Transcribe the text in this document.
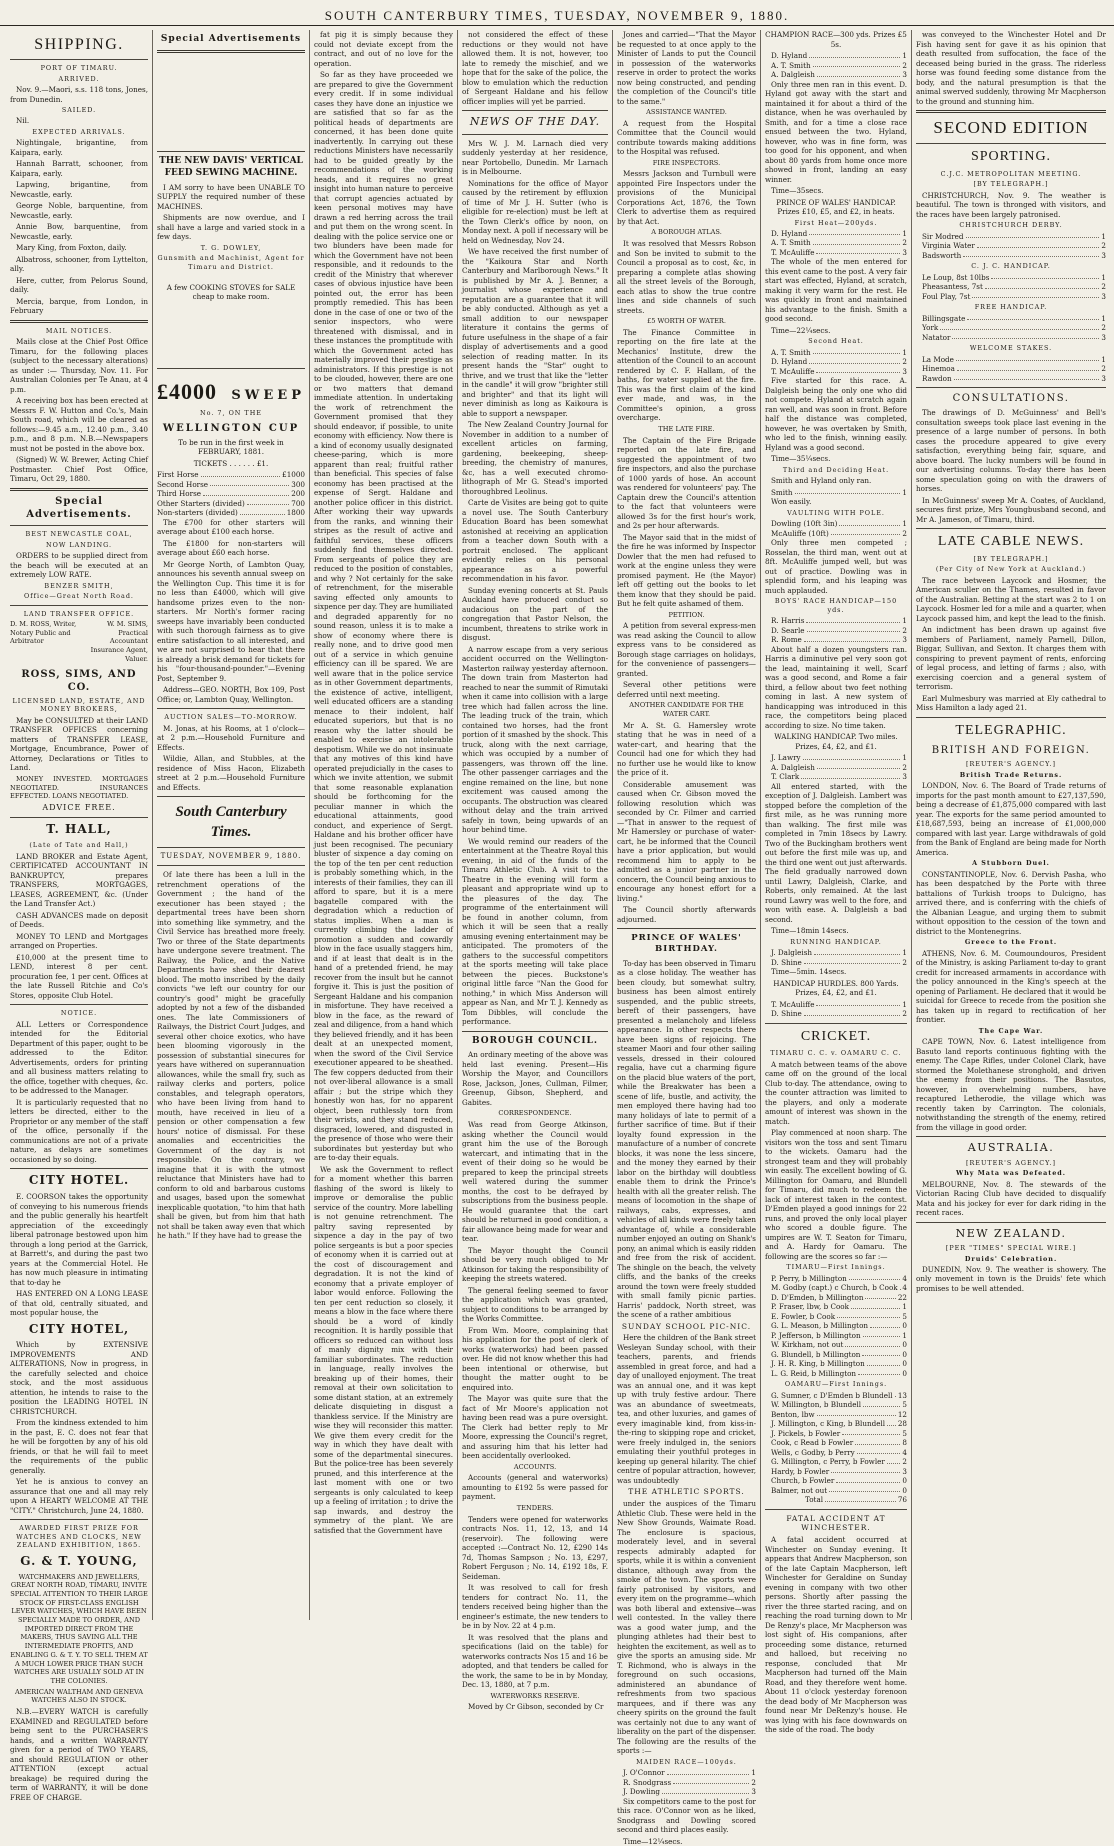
SOUTH CANTERBURY TIMES, TUESDAY, NOVEMBER 9, 1880.
SHIPPING.
PORT OF TIMARU.
ARRIVED.

Nov. 9.—Maori, s.s. 118 tons, Jones, from Dunedin.

SAILED.

Nil.

EXPECTED ARRIVALS.

Nightingale, brigantine, from Kaipara, early.

Hannah Barratt, schooner, from Kaipara, early.

Lapwing, brigantine, from Newcastle, early.

George Noble, barquentine, from Newcastle, early.

Annie Bow, barquentine, from Newcastle, early.

Mary King, from Foxton, daily.

Albatross, schooner, from Lyttelton, ally.

Here, cutter, from Pelorus Sound, daily.

Mercia, barque, from London, in February

MAIL NOTICES.

Mails close at the Chief Post Office Timaru, for the following places (subject to the necessary alterations) as under :— Thursday, Nov. 11. For Australian Colonies per Te Anau, at 4 p.m.

A receiving box has been erected at Messrs F. W. Hutton and Co.'s, Main South road, which will be cleared as follows:—9.45 a.m., 12.40 p.m., 3.40 p.m., and 8 p.m. N.B.—Newspapers must not be posted in the above box.

(Signed) W. W. Brewer, Acting Chief Postmaster. Chief Post Office, Timaru, Oct 29, 1880.

Special Advertisements.
BEST NEWCASTLE COAL,
NOW LANDING.

ORDERS to be supplied direct from the beach will be executed at an extremely LOW RATE.

BENZER SMITH,
Office—Great North Road.
LAND TRANSFER OFFICE.
D. M. ROSS, Writer, Notary Public and Arbitrator
W. M. SIMS, Practical Accountant Insurance Agent, Valuer.
ROSS, SIMS, AND CO.
LICENSED LAND, ESTATE, AND MONEY BROKERS,

May be CONSULTED at their LAND TRANSFER OFFICES concerning matters of TRANSFER LEASE, Mortgage, Encumbrance, Power of Attorney, Declarations or Titles to Land.

MONEY INVESTED. MORTGAGES NEGOTIATED. INSURANCES EFFECTED. LOANS NEGOTIATED.

ADVICE FREE.
T. HALL,
(Late of Tate and Hall,)

LAND BROKER and Estate Agent, CERTIFICATED ACCOUNTANT IN BANKRUPTCY, prepares TRANSFERS, MORTGAGES, LEASES, AGREEMENT, &c. (Under the Land Transfer Act.)

CASH ADVANCES made on deposit of Deeds.

MONEY TO LEND and Mortgages arranged on Properties.

£10,000 at the present time to LEND, interest 8 per cent. procuration fee, 1 per cent. Offices at the late Russell Ritchie and Co's Stores, opposite Club Hotel.

NOTICE.

ALL Letters or Correspondence intended for the Editorial Department of this paper, ought to be addressed to the Editor. Advertisements, orders for printing and all business matters relating to the office, together with cheques, &c. to be addressed to the Manager.

It is particularly requested that no letters be directed, either to the Proprietor or any member of the staff of the office, personally if the communications are not of a private nature, as delays are sometimes occasioned by so doing.

CITY HOTEL.

E. COORSON takes the opportunity of conveying to his numerous friends and the public generally his heartfelt appreciation of the exceedingly liberal patronage bestowed upon him through a long period at the Garrick, at Barrett's, and during the past two years at the Commercial Hotel. He has now much pleasure in intimating that to-day he

HAS ENTERED ON A LONG LEASE of that old, centrally situated, and most popular house, the

CITY HOTEL,

Which by EXTENSIVE IMPROVEMENTS AND ALTERATIONS, Now in progress, in the carefully selected and choice stock, and the most assiduous attention, he intends to raise to the position the LEADING HOTEL IN CHRISTCHURCH.

From the kindness extended to him in the past, E. C. does not fear that he will be forgotten by any of his old friends, or that he will fail to meet the requirements of the public generally.

Yet he is anxious to convey an assurance that one and all may rely upon A HEARTY WELCOME AT THE "CITY." Christchurch, June 24, 1880.

AWARDED FIRST PRIZE FOR WATCHES AND CLOCKS, NEW ZEALAND EXHIBITION, 1865.
G. & T. YOUNG,

WATCHMAKERS AND JEWELLERS, GREAT NORTH ROAD, TIMARU, INVITE SPECIAL ATTENTION TO THEIR LARGE STOCK OF FIRST-CLASS ENGLISH LEVER WATCHES, WHICH HAVE BEEN SPECIALLY MADE TO ORDER, AND IMPORTED DIRECT FROM THE MAKERS, THUS SAVING ALL THE INTERMEDIATE PROFITS, AND ENABLING G. & T. Y. TO SELL THEM AT A MUCH LOWER PRICE THAN SUCH WATCHES ARE USUALLY SOLD AT IN THE COLONIES.

AMERICAN WALTHAM AND GENEVA WATCHES ALSO IN STOCK.

N.B.—EVERY WATCH is carefully EXAMINED and REGULATED before being sent to the PURCHASER'S hands, and a written WARRANTY given for a period of TWO YEARS, and should REGULATION or other ATTENTION (except actual breakage) be required during the term of WARRANTY, it will be done FREE OF CHARGE.

Special Advertisements
THE NEW DAVIS' VERTICAL FEED SEWING MACHINE.

I AM sorry to have been UNABLE TO SUPPLY the required number of these MACHINES.

Shipments are now overdue, and I shall have a large and varied stock in a few days.

T. G. DOWLEY,
Gunsmith and Machinist, Agent for Timaru and District.

A few COOKING STOVES for SALE cheap to make room.

£4000 SWEEP
No. 7, ON THE
WELLINGTON CUP

To be run in the first week in FEBRUARY, 1881.

TICKETS . . . . . . £1.

First Horse	£1000
Second Horse	300
Third Horse	200
Other Starters (divided)	700
Non-starters (divided)	1800

The £700 for other starters will average about £100 each horse.

The £1800 for non-starters will average about £60 each horse.

Mr George North, of Lambton Quay, announces his seventh annual sweep on the Wellington Cup. This time it is for no less than £4000, which will give handsome prizes even to the non-starters. Mr North's former racing sweeps have invariably been conducted with such thorough fairness as to give entire satisfaction to all interested, and we are not surprised to hear that there is already a brisk demand for tickets for his "four-thousand-pounder."—Evening Post, September 9.

Address—GEO. NORTH, Box 109, Post Office; or, Lambton Quay, Wellington.

AUCTION SALES—TO-MORROW.

M. Jonas, at his Rooms, at 1 o'clock—at 2 p.m.—Household Furniture and Effects.

Wildie, Allan, and Stubbles, at the residence of Miss Hacon, Elizabeth street at 2 p.m.—Household Furniture and Effects.

South Canterbury Times.
TUESDAY, NOVEMBER 9, 1880.

Of late there has been a lull in the retrenchment operations of the Government ; the hand of the executioner has been stayed ; the departmental trees have been shorn into something like symmetry, and the Civil Service has breathed more freely. Two or three of the State departments have undergone severe treatment. The Railway, the Police, and the Native Departments have shed their dearest blood. The motto inscribed by the daily convicts "we left our country for our country's good" might be gracefully adopted by not a few of the disbanded ones. The late Commissioners of Railways, the District Court Judges, and several other choice exotics, who have been blooming vigorously in the possession of substantial sinecures for years have withered on superannuation allowances, while the small fry, such as railway clerks and porters, police constables, and telegraph operators, who have been living from hand to mouth, have received in lieu of a pension or other compensation a few hours' notice of dismissal. For these anomalies and eccentricities the Government of the day is not responsible. On the contrary, we imagine that it is with the utmost reluctance that Ministers have had to conform to old and barbarous customs and usages, based upon the somewhat inexplicable quotation, "to him that hath shall be given, but from him that hath not shall be taken away even that which he hath." If they have had to grease the

fat pig it is simply because they could not deviate except from the contract, and out of no love for the operation.

So far as they have proceeded we are prepared to give the Government every credit. If in some individual cases they have done an injustice we are satisfied that so far as the political heads of departments are concerned, it has been done quite inadvertently. In carrying out these reductions Ministers have necessarily had to be guided greatly by the recommendations of the working heads, and it requires no great insight into human nature to perceive that corrupt agencies actuated by keen personal motives may have drawn a red herring across the trail and put them on the wrong scent. In dealing with the police service one or two blunders have been made for which the Government have not been responsible, and it redounds to the credit of the Ministry that wherever cases of obvious injustice have been pointed out, the error has been promptly remedied. This has been done in the case of one or two of the senior inspectors, who were threatened with dismissal, and in these instances the promptitude with which the Government acted has materially improved their prestige as administrators. If this prestige is not to be clouded, however, there are one or two matters that demand immediate attention. In undertaking the work of retrenchment the Government promised that they should endeavor, if possible, to unite economy with efficiency. Now there is a kind of economy usually designated cheese-paring, which is more apparent than real; fruitful rather than beneficial. This species of false economy has been practised at the expense of Sergt. Haldane and another police officer in this district. After working their way upwards from the ranks, and winning their stripes as the result of active and faithful services, these officers suddenly find themselves directed. From sergeants of police they are reduced to the position of constables, and why ? Not certainly for the sake of retrenchment, for the miserable saving effected only amounts to sixpence per day. They are humiliated and degraded apparently for no sound reason, unless it is to make a show of economy where there is really none, and to drive good men out of a service in which genuine efficiency can ill be spared. We are well aware that in the police service as in other Government departments, the existence of active, intelligent, well educated officers are a standing menace to their indolent, half educated superiors, but that is no reason why the latter should be enabled to exercise an intolerable despotism. While we do not insinuate that any motives of this kind have operated prejudicially in the cases to which we invite attention, we submit that some reasonable explanation should be forthcoming for the peculiar manner in which the educational attainments, good conduct, and experience of Sergt. Haldane and his brother officer have just been recognised. The pecuniary bluster of sixpence a day coming on the top of the ten per cent reduction is probably something which, in the interests of their families, they can ill afford to spare, but it is a mere bagatelle compared with the degradation which a reduction of status implies. When a man is currently climbing the ladder of promotion a sudden and cowardly blow in the face usually staggers him, and if at least that dealt is in the hand of a pretended friend, he may recover from the insult but he cannot forgive it. This is just the position of Sergeant Haldane and his companion in misfortune. They have received a blow in the face, as the reward of zeal and diligence, from a hand which they believed friendly, and it has been dealt at an unexpected moment, when the sword of the Civil Service executioner appeared to be sheathed. The few coppers deducted from their not over-liberal allowance is a small affair ; but the stripe which they honestly won has, for no apparent object, been ruthlessly torn from their wrists, and they stand reduced, disgraced, lowered, and disgusted in the presence of those who were their subordinates but yesterday but who are to-day their equals.

We ask the Government to reflect for a moment whether this barren flashing of the sword is likely to improve or demoralise the public service of the country. More labelling is not genuine retrenchment. The paltry saving represented by sixpence a day in the pay of two police sergeants is but a poor species of economy when it is carried out at the cost of discouragement and degradation. It is not the kind of economy that a private employer of labor would enforce. Following the ten per cent reduction so closely, it means a blow in the face where there should be a word of kindly recognition. It is hardly possible that officers so reduced can without loss of manly dignity mix with their familiar subordinates. The reduction in language, really involves the breaking up of their homes, their removal at their own solicitation to some distant station, at an extremely delicate disquieting in disgust a thankless service. If the Ministry are wise they will reconsider this matter. We give them every credit for the way in which they have dealt with some of the departmental sinecures. But the police-tree has been severely pruned, and this interference at the last moment with one or two sergeants is only calculated to keep up a feeling of irritation ; to drive the sap inwards, and destroy the symmetry of the plant. We are satisfied that the Government have

not considered the effect of these reductions or they would not have allowed them. It is not, however, too late to remedy the mischief, and we hope that for the sake of the police, the blow to emulation which the reduction of Sergeant Haldane and his fellow officer implies will yet be parried.

NEWS OF THE DAY.

Mrs W. J. M. Larnach died very suddenly yesterday at her residence, near Portobello, Dunedin. Mr Larnach is in Melbourne.

Nominations for the office of Mayor caused by the retirement by effluxion of time of Mr J. H. Sutter (who is eligible for re-election) must be left at the Town Clerk's office by noon, on Monday next. A poll if necessary will be held on Wednesday, Nov 24.

We have received the first number of the "Kaikoura Star and North Canterbury and Marlborough News." It is published by Mr A. J. Benner, a journalist whose experience and reputation are a guarantee that it will be ably conducted. Although as yet a small addition to our newspaper literature it contains the germs of future usefulness in the shape of a fair display of advertisements and a good selection of reading matter. In its present hands the "Star" ought to thrive, and we trust that like the "letter in the candle" it will grow "brighter still and brighter" and that its light will never diminish as long as Kaikoura is able to support a newspaper.

The New Zealand Country Journal for November in addition to a number of excellent articles on farming, gardening, beekeeping, sheep-breeding, the chemistry of manures, &c, has a well executed chromo-lithograph of Mr G. Stead's imported thoroughbred Leolinus.

Carte de Visites are being got to quite a novel use. The South Canterbury Education Board has been somewhat astonished at receiving an application from a teacher down South with a portrait enclosed. The applicant evidently relies on his personal appearance as a powerful recommendation in his favor.

Sunday evening concerts at St. Pauls Auckland have produced conduct so audacious on the part of the congregation that Pastor Nelson, the incumbent, threatens to strike work in disgust.

A narrow escape from a very serious accident occurred on the Wellington-Masterton railway yesterday afternoon. The down train from Masterton had reached to near the summit of Rimutaki when it came into collision with a large tree which had fallen across the line. The leading truck of the train, which contained two horses, had the front portion of it smashed by the shock. This truck, along with the next carriage, which was occupied by a number of passengers, was thrown off the line. The other passenger carriages and the engine remained on the line, but none excitement was caused among the occupants. The obstruction was cleared without delay and the train arrived safely in town, being upwards of an hour behind time.

We would remind our readers of the entertainment at the Theatre Royal this evening, in aid of the funds of the Timaru Athletic Club. A visit to the Theatre in the evening will form a pleasant and appropriate wind up to the pleasures of the day. The programme of the entertainment will be found in another column, from which it will be seen that a really amusing evening entertainment may be anticipated. The promoters of the gathers to the successful competitors at the sports meeting will take place between the pieces. Buckstone's original little farce "Nan the Good for nothing," in which Miss Anderson will appear as Nan, and Mr T. J. Kennedy as Tom Dibbles, will conclude the performance.

BOROUGH COUNCIL.

An ordinary meeting of the above was held last evening. Present—His Worship the Mayor, and Councillors Rose, Jackson, Jones, Cullman, Filmer, Greenup, Gibson, Shepherd, and Gabites.

CORRESPONDENCE.

Was read from George Atkinson, asking whether the Council would grant him the use of the Borough watercart, and intimating that in the event of their doing so he would be prepared to keep the principal streets well watered during the summer months, the cost to be defrayed by subscriptions from the business people. He would guarantee that the cart should be returned in good condition, a fair allowance being made for wear and tear.

The Mayor thought the Council should be very much obliged to Mr Atkinson for taking the responsibility of keeping the streets watered.

The general feeling seemed to favor the application which was granted, subject to conditions to be arranged by the Works Committee.

From Wm. Moore, complaining that his application for the post of clerk of works (waterworks) had been passed over. He did not know whether this had been intentional or otherwise, but thought the matter ought to be enquired into.

The Mayor was quite sure that the fact of Mr Moore's application not having been read was a pure oversight. The Clerk had better reply to Mr Moore, expressing the Council's regret, and assuring him that his letter had been accidentally overlooked.

ACCOUNTS.

Accounts (general and waterworks) amounting to £192 5s were passed for payment.

TENDERS.

Tenders were opened for waterworks contracts Nos. 11, 12, 13, and 14 (reservoir). The following were accepted :—Contract No. 12, £290 14s 7d, Thomas Sampson ; No. 13, £297, Robert Ferguson ; No. 14, £192 18s, F. Seideman.

It was resolved to call for fresh tenders for contract No. 11, the tenders received being higher than the engineer's estimate, the new tenders to be in by Nov. 22 at 4 p.m.

It was resolved that the plans and specifications (laid on the table) for waterworks contracts Nos 15 and 16 be adopted, and that tenders be called for the work, the same to be in by Monday, Dec. 13, 1880, at 7 p.m.

WATERWORKS RESERVE.

Moved by Cr Gibson, seconded by Cr

Jones and carried—"That the Mayor be requested to at once apply to the Minister of Lands to put the Council in possession of the waterworks reserve in order to protect the works now being constructed, and pending the completion of the Council's title to the same."

ASSISTANCE WANTED.

A request from the Hospital Committee that the Council would contribute towards making additions to the Hospital was refused.

FIRE INSPECTORS.

Messrs Jackson and Turnbull were appointed Fire Inspectors under the provisions of the Municipal Corporations Act, 1876, the Town Clerk to advertise them as required by that Act.

A BOROUGH ATLAS.

It was resolved that Messrs Robson and Son be invited to submit to the Council a proposal as to cost, &c, in preparing a complete atlas showing all the street levels of the Borough, each atlas to show the true contre lines and side channels of such streets.

£5 WORTH OF WATER.

The Finance Committee in reporting on the fire late at the Mechanics' Institute, drew the attention of the Council to an account rendered by C. F. Hallam, of the baths, for water supplied at the fire. This was the first claim of the kind ever made, and was, in the Committee's opinion, a gross overcharge.

THE LATE FIRE.

The Captain of the Fire Brigade reported on the late fire, and suggested the appointment of two fire inspectors, and also the purchase of 1000 yards of hose. An account was rendered for volunteers' pay. The Captain drew the Council's attention to the fact that volunteers were allowed 3s for the first hour's work, and 2s per hour afterwards.

The Mayor said that in the midst of the fire he was informed by Inspector Dowler that the men had refused to work at the engine unless they were promised payment. He (the Mayor) left off getting out the books to let them know that they should be paid. But he felt quite ashamed of them.

PETITION.

A petition from several express-men was read asking the Council to allow express vans to be considered as Borough stage carriages on holidays, for the convenience of passengers—granted.

Several other petitions were deferred until next meeting.

ANOTHER CANDIDATE FOR THE WATER CART.

Mr A. St. G. Hamersley wrote stating that he was in need of a water-cart, and hearing that the Council had one for which they had no further use he would like to know the price of it.

Considerable amusement was caused when Cr. Gibson moved the following resolution which was seconded by Cr. Filmer and carried—"That in answer to the request of Mr Hamersley or purchase of water-cart, he be informed that the Council have a prior application, but would recommend him to apply to be admitted as a junior partner in the concern, the Council being anxious to encourage any honest effort for a living."

The Council shortly afterwards adjourned.

PRINCE OF WALES' BIRTHDAY.

To-day has been observed in Timaru as a close holiday. The weather has been cloudy, but somewhat sultry, business has been almost entirely suspended, and the public streets, bereft of their passengers, have presented a melancholy and lifeless appearance. In other respects there have been signs of rejoicing. The steamer Maori and four other sailing vessels, dressed in their coloured regalia, have cut a charming figure on the placid blue waters of the port, while the Breakwater has been a scene of life, bustle, and activity, the men employed there having had too many holidays of late to permit of a further sacrifice of time. But if their loyalty found expression in the manufacture of a number of concrete blocks, it was none the less sincere, and the money they earned by their labor on the birthday will doubtless enable them to drink the Prince's health with all the greater relish. The means of locomotion in the shape of railways, cabs, expresses, and vehicles of all kinds were freely taken advantage of, while a considerable number enjoyed an outing on Shank's pony, an animal which is easily ridden and free from the risk of accident. The shingle on the beach, the velvety cliffs, and the banks of the creeks around the town were freely studded with small family picnic parties. Harris' paddock, North street, was the scene of a rather ambitious

SUNDAY SCHOOL PIC-NIC.

Here the children of the Bank street Wesleyan Sunday school, with their teachers, parents, and friends assembled in great force, and had a day of unalloyed enjoyment. The treat was an annual one, and it was kept up with truly festive ardour. There was an abundance of sweetmeats, tea, and other luxuries, and games of every imaginable kind, from kiss-in-the-ring to skipping rope and cricket, were freely indulged in, the seniors emulating their youthful proteges in keeping up general hilarity. The chief centre of popular attraction, however, was undoubtedly

THE ATHLETIC SPORTS.

under the auspices of the Timaru Athletic Club. These were held in the New Show Grounds, Waimate Road. The enclosure is spacious, moderately level, and in several respects admirably adapted for sports, while it is within a convenient distance, although away from the smoke of the town. The sports were fairly patronised by visitors, and every item on the programme—which was both liberal and extensive—was well contested. In the valley there was a good water jump, and the plunging athletes had their best to heighten the excitement, as well as to give the sports an amusing side. Mr T. Richmond, who is always in the foreground on such occasions, administered an abundance of refreshments from two spacious marquees, and if there was any cheery spirits on the ground the fault was certainly not due to any want of liberality on the part of the dispenser. The following are the results of the sports :—

MAIDEN RACE—100yds.
J. O'Connor	1
R. Snodgrass	2
J. Dowling	3

Six competitors came to the post for this race. O'Connor won as he liked, Snodgrass and Dowling scored second and third places easily.

Time—12¼secs.

CHAMPION RACE—300 yds. Prizes £5 5s.

D. Hyland	1
A. T. Smith	2
A. Dalgleish	3

Only three men ran in this event. D. Hyland got away with the start and maintained it for about a third of the distance, when he was overhauled by Smith, and for a time a close race ensued between the two. Hyland, however, who was in fine form, was too good for his opponent, and when about 80 yards from home once more showed in front, landing an easy winner.

Time—35secs.

PRINCE OF WALES' HANDICAP. Prizes £10, £5, and £2, in heats.

First Heat—200yds.
D. Hyland	1
A. T. Smith	2
T. McAuliffe	3

The whole of the men entered for this event came to the post. A very fair start was effected, Hyland, at scratch, making it very warm for the rest. He was quickly in front and maintained his advantage to the finish. Smith a good second.

Time—22¼secs.

Second Heat.
A. T. Smith	1
D. Hyland	2
T. McAuliffe	3

Five started for this race. A. Dalgleish being the only one who did not compete. Hyland at scratch again ran well, and was soon in front. Before half the distance was completed, however, he was overtaken by Smith, who led to the finish, winning easily. Hyland was a good second.

Time—35¼secs.

Third and Deciding Heat.

Smith and Hyland only ran.

Smith	1

Won easily.

VAULTING WITH POLE.
Dowling (10ft 3in)	1
McAuliffe (10ft)	2

Only three men competed ; Rosselan, the third man, went out at 8ft. McAuliffe jumped well, but was out of practice. Dowling was in splendid form, and his leaping was much applauded.

BOYS' RACE HANDICAP—150 yds.
R. Harris	1
D. Searle	2
R. Rome	3

About half a dozen youngsters ran. Harris a diminutive pel very soon got the lead, maintaining it well, Scarf was a good second, and Rome a fair third, a fellow about two feet nothing coming in last. A new system of handicapping was introduced in this race, the competitors being placed according to size. No time taken.

WALKING HANDICAP. Two miles. Prizes, £4, £2, and £1.

J. Lawry	1
A. Dalgleish	2
T. Clark	3

All entered started, with the exception of J. Dalgleish. Lambert was stopped before the completion of the first mile, as he was running more than walking. The first mile was completed in 7min 18secs by Lawry. Two of the Buckingham brothers went out before the first mile was up, and the third one went out just afterwards. The field gradually narrowed down until Lawry, Dalgleish, Clarke, and Roberts, only remained. At the last round Lawry was well to the fore, and won with ease. A. Dalgleish a bad second.

Time—18min 14secs.

RUNNING HANDICAP.
J. Dalgleish	1
D. Shine	2

Time—5min. 14secs.

HANDICAP HURDLES. 800 Yards. Prizes, £4, £2, and £1.

T. McAuliffe	1
D. Shine	2
CRICKET.
TIMARU C. C. v. OAMARU C. C.

A match between teams of the above came off on the ground of the local Club to-day. The attendance, owing to the counter attraction was limited to the players, and only a moderate amount of interest was shown in the match.

Play commenced at noon sharp. The visitors won the toss and sent Timaru to the wickets. Oamaru had the strongest team and they will probably win easily. The excellent bowling of G. Millington for Oamaru, and Blundell for Timaru, did much to redeem the lack of interest taken in the contest. D'Emden played a good innings for 22 runs, and proved the only local player who scored a double figure. The umpires are W. T. Seaton for Timaru, and A. Hardy for Oamaru. The following are the scores so far :—

TIMARU—First Innings.
P. Perry, b Millington	4
M. Godby (capt.) c Church, b Cook 4
D. D'Emden, b Millington	22
P. Fraser, lbw, b Cook	1
E. Fowler, b Cook	5
G. L. Meason, b Millington	0
P. Jefferson, b Millington	1
W. Kirkham, not out	0
G. Blundell, b Millington	0
J. H. R. King, b Millington	0
L. G. Reid, b Millington	0
OAMARU—First Innings.
G. Sumner, c D'Emden b Blundell 13
W. Millington, b Blundell	5
Benton, lbw	12
J. Millington, c King, b Blundell 28
J. Pickels, b Fowler	5
Cook, c Read b Fowler	8
Wells, c Godby, b Perry	4
G. Millington, c Perry, b Fowler 2
Hardy, b Fowler	3
Church, b Fowler	0
Balmer, not out	0
Total	76
FATAL ACCIDENT AT WINCHESTER.

A fatal accident occurred at Winchester on Sunday evening. It appears that Andrew Macpherson, son of the late Captain Macpherson, left Winchester for Geraldine on Sunday evening in company with two other persons. Shortly after passing the river the three started racing, and on reaching the road turning down to Mr De Renzy's place, Mr Macpherson was lost sight of. His companions, after proceeding some distance, returned and halloed, but receiving no response, concluded that Mr Macpherson had turned off the Main Road, and they therefore went home. About 11 o'clock yesterday forenoon the dead body of Mr Macpherson was found near Mr DeRenzy's house. He was lying with his face downwards on the side of the road. The body

was conveyed to the Winchester Hotel and Dr Fish having sent for gave it as his opinion that death resulted from suffocation, the face of the deceased being buried in the grass. The riderless horse was found feeding some distance from the body, and the natural presumption is that the animal swerved suddenly, throwing Mr Macpherson to the ground and stunning him.

SECOND EDITION
SPORTING.
C.J.C. METROPOLITAN MEETING.
[BY TELEGRAPH.]

CHRISTCHURCH, Nov. 9. The weather is beautiful. The town is thronged with visitors, and the races have been largely patronised.

CHRISTCHURCH DERBY.
Sir Modred	1
Virginia Water	2
Badsworth	3
C. J. C. HANDICAP.
Le Loup, 8st 10lbs	1
Pheasantess, 7st	2
Foul Play, 7st	3
FREE HANDICAP.
Billingsgate	1
York	2
Natator	3
WELCOME STAKES.
La Mode	1
Hinemoa	2
Rawdon	3
CONSULTATIONS.

The drawings of D. McGuinness' and Bell's consultation sweeps took place last evening in the presence of a large number of persons. In both cases the procedure appeared to give every satisfaction, everything being fair, square, and above board. The lucky numbers will be found in our advertising columns. To-day there has been some speculation going on with the drawers of horses.

In McGuinness' sweep Mr A. Coates, of Auckland, secures first prize, Mrs Youngbusband second, and Mr A. Jameson, of Timaru, third.

LATE CABLE NEWS.
[BY TELEGRAPH.]
(Per City of New York at Auckland.)

The race between Laycock and Hosmer, the American sculler on the Thames, resulted in favor of the Australian. Betting at the start was 2 to 1 on Laycock. Hosmer led for a mile and a quarter, when Laycock passed him, and kept the lead to the finish.

An indictment has been drawn up against five members of Parliament, namely Parnell, Dillon, Biggar, Sullivan, and Sexton. It charges them with conspiring to prevent payment of rents, enforcing of legal process, and letting of farms ; also, with exercising coercion and a general system of terrorism.

Earl Mulmesbury was married at Ely cathedral to Miss Hamilton a lady aged 21.

TELEGRAPHIC.
BRITISH AND FOREIGN.
[REUTER'S AGENCY.]
British Trade Returns.

LONDON, Nov. 6. The Board of Trade returns of imports for the past month amount to £27,137,590, being a decrease of £1,875,000 compared with last year. The exports for the same period amounted to £18,687,593, being an increase of £1,000,000 compared with last year. Large withdrawals of gold from the Bank of England are being made for North America.

A Stubborn Duel.

CONSTANTINOPLE, Nov. 6. Dervish Pasha, who has been despatched by the Porte with three battalions of Turkish troops to Dulcigno, has arrived there, and is conferring with the chiefs of the Albanian League, and urging them to submit without opposition to the cession of the town and district to the Montenegrins.

Greece to the Front.

ATHENS, Nov. 6. M. Coumoundouros, President of the Ministry, is asking Parliament to-day to grant credit for increased armaments in accordance with the policy announced in the King's speech at the opening of Parliament. He declared that it would be suicidal for Greece to recede from the position she has taken up in regard to rectification of her frontier.

The Cape War.

CAPE TOWN, Nov. 6. Latest intelligence from Basuto land reports continuous fighting with the enemy. The Cape Rifles, under Colonel Clark, have stormed the Molethanese stronghold, and driven the enemy from their positions. The Basutos, however, in overwhelming numbers, have recaptured Letherodie, the village which was recently taken by Carrington. The colonials, notwithstanding the strength of the enemy, retired from the village in good order.

AUSTRALIA.
[REUTER'S AGENCY.]
Why Mata was Defeated.

MELBOURNE, Nov. 8. The stewards of the Victorian Racing Club have decided to disqualify Mata and his jockey for ever for dark riding in the recent races.

NEW ZEALAND.
[PER "TIMES" SPECIAL WIRE.]
Druids' Celebration.

DUNEDIN, Nov. 9. The weather is showery. The only movement in town is the Druids' fete which promises to be well attended.
